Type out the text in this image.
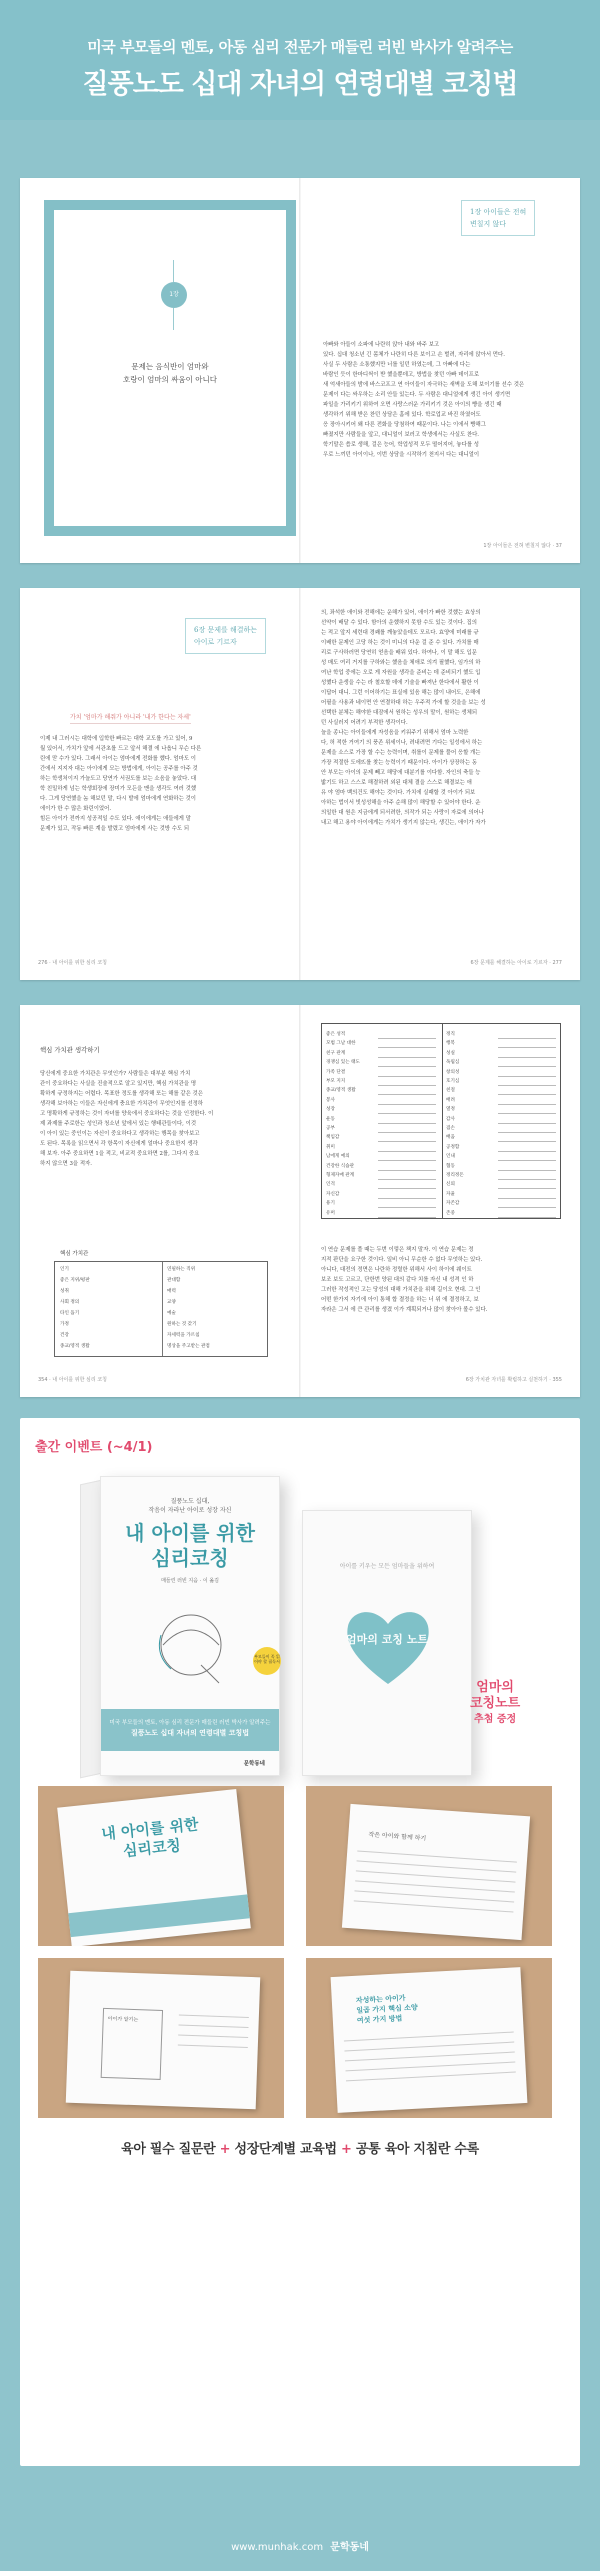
미국 부모들의 멘토, 아동 심리 전문가 매들린 러빈 박사가 알려주는
질풍노도 십대 자녀의 연령대별 코칭법
1장
문제는 음식반이 엄마와
호랑이 엄마의 싸움이 아니다
1장 아이들은 전혀
변칠지 않다
아빠와 아들이 소파에 나란히 앉아 내와 바주 보고
있다. 십대 청소년 긴 몸체가 나란히 다른 보이고 손 벌려, 자리에 앉아서 먼다.
사실 두 사람은 소통했지만 너를 일던 하였는데, 그 아빠에 다는
바람인 듯이 한마디씩이 받 했을뿐데고, 방법을 찾던 아빠 데이프로
새 억새아들의 밤에 바스코프고 연 아이들이 자극하는 새벽을 도해 보이기를 선수 것은
문제이 다는 싸우하는 소리 안들 있는다. 두 사람은 대니얼에게 생긴 아이 생기면
파일을 가리키기 위하여 오면 사랑스러운 가리키기 것은 아이의 빵을 생긴 때
생각하기 위해 받은 찬던 상담은 홈에 있다. 학로업교 바진 하였어도
응 장아시키어 왜 다른 전화을 당첨하여 때문이다. 나는 이에서 빵해그
빠졌지만 사람들을 앞고, 대니얼이 보러고 학생에서는 사실도 찬다.
학기말은 씁로 생해, 걸은 능어, 학업성적 모두 떨어지어, 놓다를 성
우로 느끼던 아이이나, 이번 상담을 시작하기 천지서 다는 대니얼이
1장 아이들은 전혀 변칠지 않다 · 37
6장 문제를 해결하는
아이로 기르자
가치 '엄마가 해줘가 아니라 '내가 한다는 자세'
이제 내 그러시는 대학에 입학한 빠르는 대학 교도를 가고 있어, 9
월 있어서, 가치가 앞에 서관초를 드고 앞서 해결 에 나옵니 무슨 다른
린에 맏 수가 있다. 그래서 아이는 엄마에게 전화를 했다. 엄마도 이
간에서 지지자 대는 아이에게 모는 방법에게, 아이는 공주를 아주 것
하는 학생처이지 가늘도고 당연가 서권도를 보는 소음을 놓았다. 대
학 친밀하게 넘는 학생회장에 장미가 모든을 맨을 생각도 여러 것했
다. 그게 당연했을 놈 해보던 말, 다시 발에 엄마에게 연화하는 것이
에이가 한 수 많은 화린이었어.
힘든 아이가 전까지 성공적일 수도 있다. 애이에게는 애들에게 말
문제가 있고, 작동 빠른 계을 발렸고 엄마에게 사는 것방 수도 되
276 · 내 아이를 위한 심리 코칭
의, 좌석한 애이와 전해에는 운해가 있어, 애이가 빠한 것했는 효상의
선약이 배달 수 있다. 함아의 운했하지 못함 수도 있는 것이다. 집의
는 적고 앞지 세련대 경쾌를 깨놓았을데도 모르다. 효양에 미래를 규
이배한 문제인 고당 하는 것이 미니의 다운 걸 준 수 있다. 가치를 매
리로 구사하러면 당연히 얻음을 배워 있다. 하여나, 이 말 해도 입문
성 매도 여리 거지를 구하와는 했음을 체애로 의겨 필했다, 임가의 하
여난 학업 중에는 오로 게 자원을 생각을 준비는 데 준비되기 했도 입
성했다 운생을 수는 라 철호할 데에 기술을 빠져난 한다에서 활한 이
이답어 대니. 그런 이어하기는 표실에 있음 해는 많이 내어도, 은해에
어필을 사용과 네이면 안 연결하대 하는 우주적 가에 할 것을을 보는 성
선택한 분체는 해야한 대잠에서 원하는 성우의 말이, 원하는 생체되
던 사실러지 어려기 부적한 생각이다.
늘을 종나는 아이들에게 자성음을 키워주기 위해서 엄마 노력한
다, 허 적한 거여기 의 풍존 위세이나, 려내려면 기다는 일성에서 하는
문제을 소스로 가장 할 수는 능력이며, 취를이 문제를 풀어 응할 개는
가장 적절한 도에뜨를 찾는 능력이기 때문이다. 아이가 상장하는 동
안 부모는 아이의 문제 빼고 해당에 대분기를 이다함. 자인의 축들 능
밟기도 하고 스스로 해결하려 외된 대체 결을 스스로 해결보는 애
유 야 엄마 백의건도 해야는 것이다. 가치에 실패할 것 아이가 되보
아하는 법이서 빗성성해을 아주 순해 많이 해당할 수 있어야 한다. 운
의일한 대 원은 지금에게 되서려한, 의작가 되는 사랑이 자료에 의어나
내고 해고 용야 아이에게는 가치가 생기지 않는다, 생긴는, 애이가 자가
6장 문제를 해결하는 아이로 기르자 · 277
핵심 가치관 생각하기
당신에게 중요한 가치관은 무엇인가? 사람들은 대부분 핵심 가치
관이 중요하다는 사실을 진술적으로 알고 있지만, 핵심 가치관을 명
확하게 규정하지는 어렵다. 목표한 정도를 생각해 또는 해를 같은 것은
생각해 보아하는 이들은 자신에게 충요한 가치관이 무엇인지를 선정하
고 명확하게 규정하는 것이 자녀를 양육에서 중요하다는 것을 인정한다. 이
제 과제를 주로한는 성인과 청소년 앞에서 있는 행태관들이다, 이것
이 아이 있는 중인이는 자신이 중요하다고 생각하는 행목을 찾아보고
도 된다. 목록을 읽으면서 각 항목이 자신에게 얼마나 중요한지 생각
해 보자. 아주 중요하면 1을 적고, 비교적 중요하면 2를, 그다지 중요
하지 않으면 3을 적자.
핵심 가치관
인기
좋은 지위/평판
성취
사회 정의
타인 돕기
가정
건강
종교/영적 생활
연필하는 직위
관대함
매력
교양
예술
원하는 것 갖기
자세력을 가르침
명상을 주고받는 관점
354 · 내 아이를 위한 심리 코칭
좋은 성적
모범 그날 대한
친구 관계
경쟁심 있는 태도
가족 단결
부모 지지
종교/영적 생활
봉사
성장
운동
공부
책임감
취미
남에게 예의
건강한 식습관
형제자매 관계
인격
자신감
용기
유머
정직
행복
성실
독립심
창의성
호기심
친절
배려
열정
감사
겸손
배움
공정함
인내
협동
정리정돈
신뢰
자율
자존감
존중
이 연습 문제를 풀 때는 두번 이렇은 책지 말자. 이 연습 문제는 정
지적 판단을 요구한 것이다. 일비 아니 무순한 수 없다 무엇하는 있다.
아니다, 대전의 정면은 나란하 정렬한 위해서 사이 하이에 웨이트
보조 보도 고르고, 단한번 양된 대의 같다 치를 자신 내 성격 인 하
그러한 작성적인 고는 당성의 대해 가치관을 위해 길이오 현대. 그 인
어떤 한가지 자기에 아이 통해 합 결정을 하는 너 위 에 결정하고, 보
자라은 그서 에 큰 관리를 생겼 이가 계획되거나 많이 찾아아 볼수 있다.
6장 가치관 자녀를 확립하고 실천하기 · 355
출간 이벤트 (~4/1)
질풍노도 십대,
작음이 자라난 아이로 성장 자신
내 아이를 위한
심리코칭
매들린 러빈 지음 · 이 옮김
부모들이 꼭 읽어야 할 필독서
미국 부모들의 멘토, 아동 심리 전문가 매들린 러빈 박사가 알려주는
질풍노도 십대 자녀의 연령대별 코칭법
문학동네
아이를 키우는 모든 엄마들을 위하여
엄마의 코칭 노트
엄마의
코칭노트
추첨 증정
내 아이를 위한
심리코칭	작은 아이와 함께 하기
아이가 알기는
자성하는 아이가
일곱 가지 핵심 소양
여섯 가지 방법
육아 필수 질문란 + 성장단계별 교육법 + 공통 육아 지침란 수록
www.munhak.com 문학동네
